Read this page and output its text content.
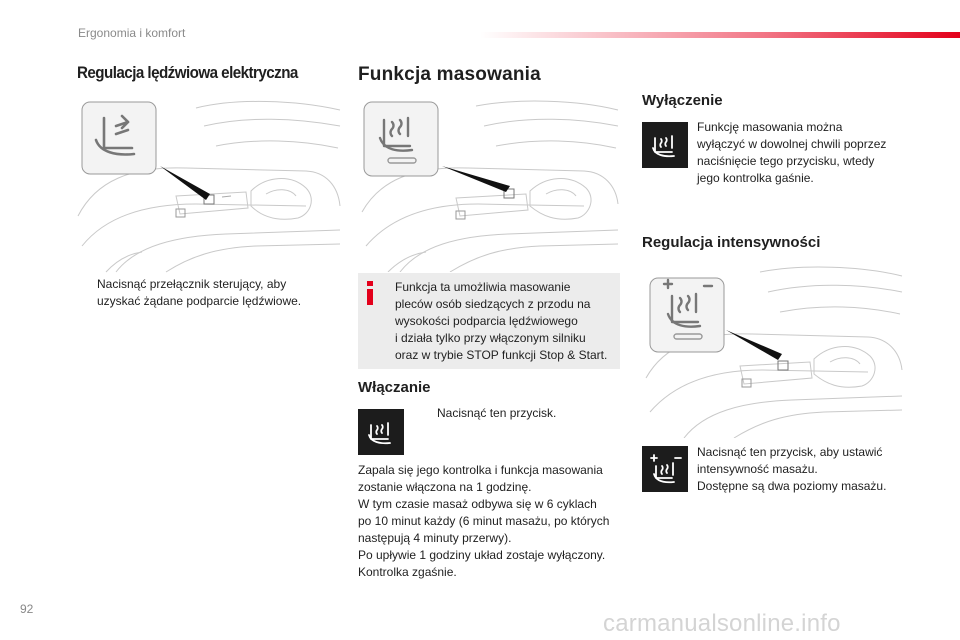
Ergonomia i komfort
Regulacja lędźwiowa elektryczna
Nacisnąć przełącznik sterujący, aby
uzyskać żądane podparcie lędźwiowe.
Funkcja masowania
Funkcja ta umożliwia masowanie
pleców osób siedzących z przodu na
wysokości podparcia lędźwiowego
i działa tylko przy włączonym silniku
oraz w trybie STOP funkcji Stop & Start.
Włączanie
Nacisnąć ten przycisk.
Zapala się jego kontrolka i funkcja masowania
zostanie włączona na 1 godzinę.
W tym czasie masaż odbywa się w 6 cyklach
po 10 minut każdy (6 minut masażu, po których
następują 4 minuty przerwy).
Po upływie 1 godziny układ zostaje wyłączony.
Kontrolka zgaśnie.
Wyłączenie
Funkcję masowania można
wyłączyć w dowolnej chwili poprzez
naciśnięcie tego przycisku, wtedy
jego kontrolka gaśnie.
Regulacja intensywności
Nacisnąć ten przycisk, aby ustawić
intensywność masażu.
Dostępne są dwa poziomy masażu.
92
carmanualsonline.info
